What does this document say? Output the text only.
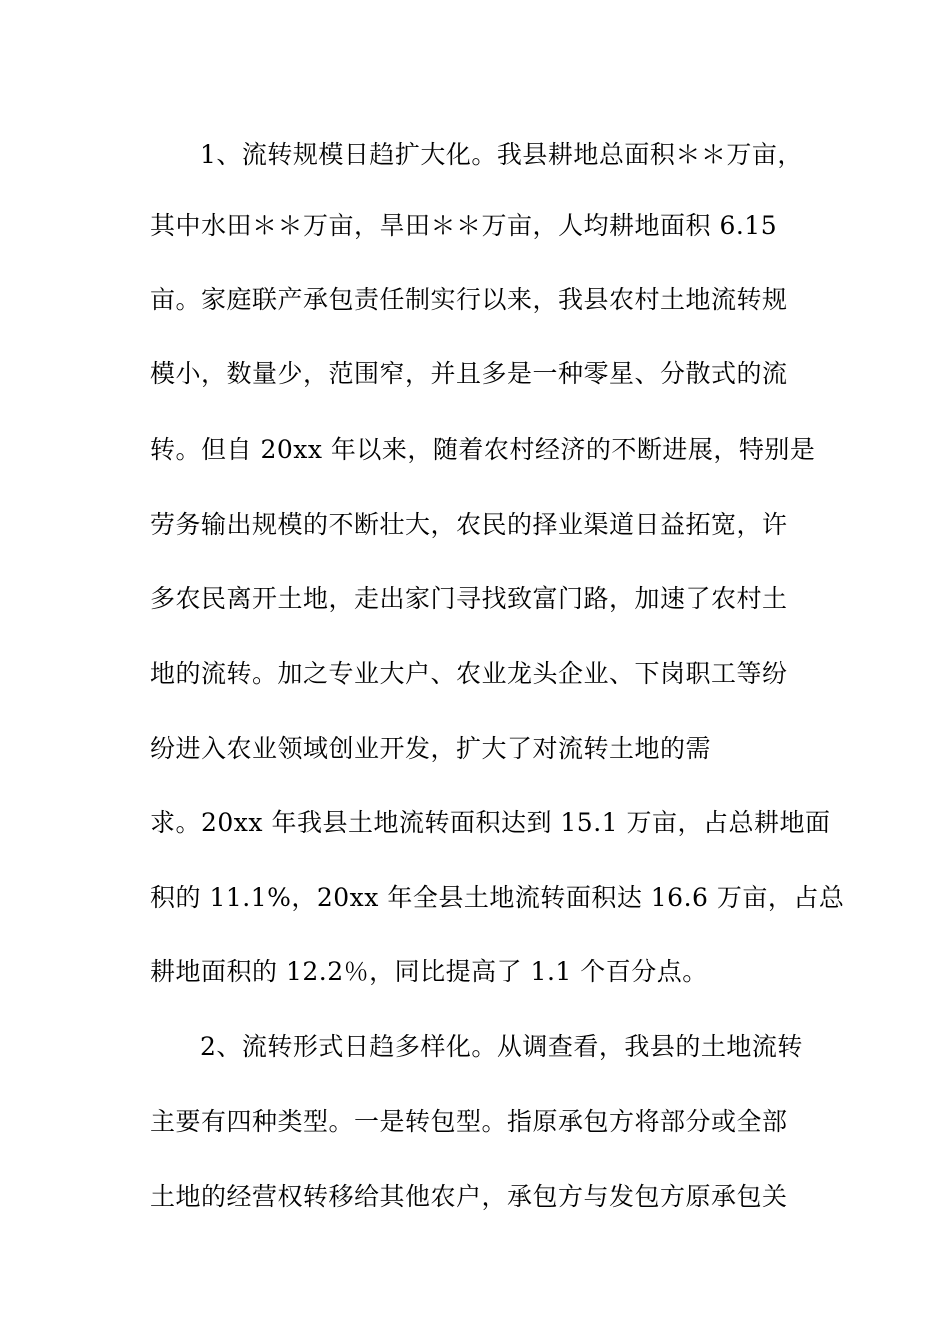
1、流转规模日趋扩大化。我县耕地总面积＊＊万亩，
其中水田＊＊万亩，旱田＊＊万亩，人均耕地面积 6.15
亩。家庭联产承包责任制实行以来，我县农村土地流转规
模小，数量少，范围窄，并且多是一种零星、分散式的流
转。但自 20xx 年以来，随着农村经济的不断进展，特别是
劳务输出规模的不断壮大，农民的择业渠道日益拓宽，许
多农民离开土地，走出家门寻找致富门路，加速了农村土
地的流转。加之专业大户、农业龙头企业、下岗职工等纷
纷进入农业领域创业开发，扩大了对流转土地的需
求。20xx 年我县土地流转面积达到 15.1 万亩，占总耕地面
积的 11.1%，20xx 年全县土地流转面积达 16.6 万亩，占总
耕地面积的 12.2％，同比提高了 1.1 个百分点。
2、流转形式日趋多样化。从调查看，我县的土地流转
主要有四种类型。一是转包型。指原承包方将部分或全部
土地的经营权转移给其他农户，承包方与发包方原承包关
